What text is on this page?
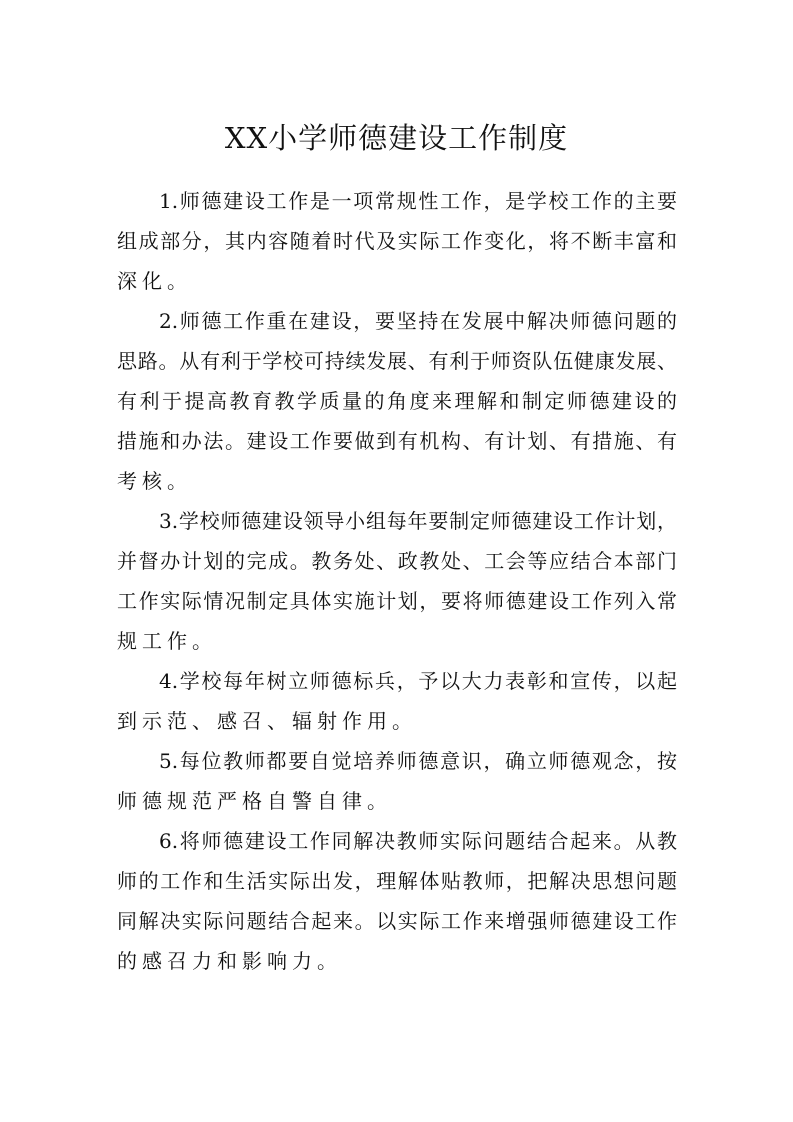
XX小学师德建设工作制度
1.师德建设工作是一项常规性工作，是学校工作的主要
组成部分，其内容随着时代及实际工作变化，将不断丰富和
深化。
2.师德工作重在建设，要坚持在发展中解决师德问题的
思路。从有利于学校可持续发展、有利于师资队伍健康发展、
有利于提高教育教学质量的角度来理解和制定师德建设的
措施和办法。建设工作要做到有机构、有计划、有措施、有
考核。
3.学校师德建设领导小组每年要制定师德建设工作计划，
并督办计划的完成。教务处、政教处、工会等应结合本部门
工作实际情况制定具体实施计划，要将师德建设工作列入常
规工作。
4.学校每年树立师德标兵，予以大力表彰和宣传，以起
到示范、感召、辐射作用。
5.每位教师都要自觉培养师德意识，确立师德观念，按
师德规范严格自警自律。
6.将师德建设工作同解决教师实际问题结合起来。从教
师的工作和生活实际出发，理解体贴教师，把解决思想问题
同解决实际问题结合起来。以实际工作来增强师德建设工作
的感召力和影响力。
